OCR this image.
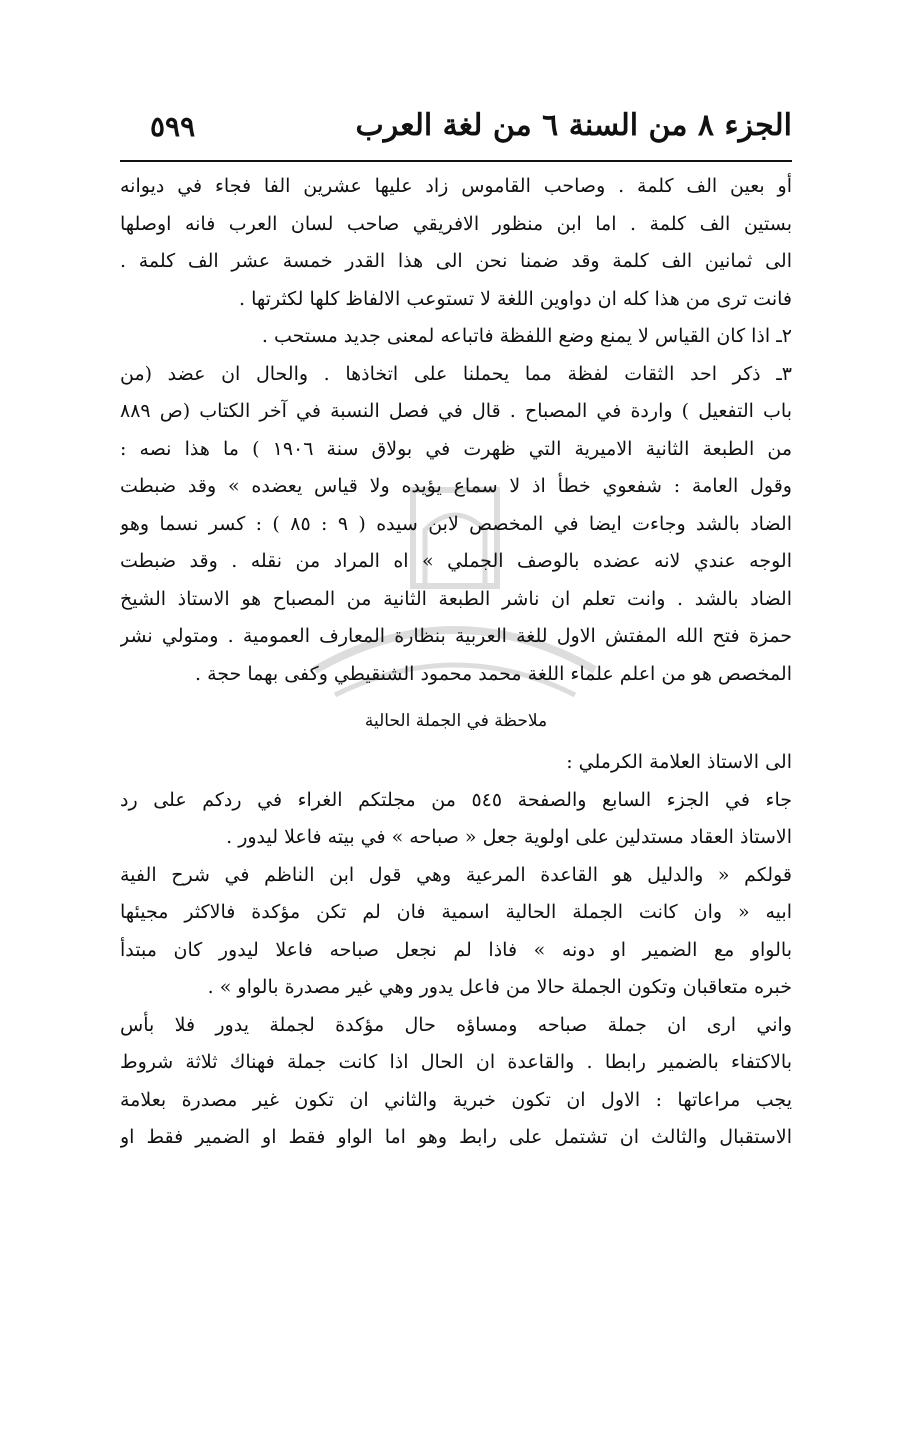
الجزء ٨ من السنة ٦ من لغة العرب
٥٩٩
أو بعين الف كلمة . وصاحب القاموس زاد عليها عشرين الفا فجاء في ديوانه
بستين الف كلمة . اما ابن منظور الافريقي صاحب لسان العرب فانه اوصلها
الى ثمانين الف كلمة وقد ضمنا نحن الى هذا القدر خمسة عشر الف كلمة .
فانت ترى من هذا كله ان دواوين اللغة لا تستوعب الالفاظ كلها لكثرتها .
٢ـ اذا كان القياس لا يمنع وضع اللفظة فاتباعه لمعنى جديد مستحب .
٣ـ ذكر احد الثقات لفظة مما يحملنا على اتخاذها . والحال ان عضد (من
باب التفعيل ) واردة في المصباح . قال في فصل النسبة في آخر الكتاب (ص ٨٨٩
من الطبعة الثانية الاميرية التي ظهرت في بولاق سنة ١٩٠٦ ) ما هذا نصه :
وقول العامة : شفعوي خطأ اذ لا سماع يؤيده ولا قياس يعضده » وقد ضبطت
الضاد بالشد وجاءت ايضا في المخصص لابن سيده ( ٩ : ٨٥ ) : كسر نسما وهو
الوجه عندي لانه عضده بالوصف الجملي » اه المراد من نقله . وقد ضبطت
الضاد بالشد . وانت تعلم ان ناشر الطبعة الثانية من المصباح هو الاستاذ الشيخ
حمزة فتح الله المفتش الاول للغة العربية بنظارة المعارف العمومية . ومتولي نشر
المخصص هو من اعلم علماء اللغة محمد محمود الشنقيطي وكفى بهما حجة .
ملاحظة في الجملة الحالية
الى الاستاذ العلامة الكرملي :
جاء في الجزء السابع والصفحة ٥٤٥ من مجلتكم الغراء في ردكم على رد
الاستاذ العقاد مستدلين على اولوية جعل « صباحه » في بيته فاعلا ليدور .
قولكم « والدليل هو القاعدة المرعية وهي قول ابن الناظم في شرح الفية
ابيه « وان كانت الجملة الحالية اسمية فان لم تكن مؤكدة فالاكثر مجيئها
بالواو مع الضمير او دونه » فاذا لم نجعل صباحه فاعلا ليدور كان مبتدأ
خبره متعاقبان وتكون الجملة حالا من فاعل يدور وهي غير مصدرة بالواو » .
واني ارى ان جملة صباحه ومساؤه حال مؤكدة لجملة يدور فلا بأس
بالاكتفاء بالضمير رابطا . والقاعدة ان الحال اذا كانت جملة فهناك ثلاثة شروط
يجب مراعاتها : الاول ان تكون خبرية والثاني ان تكون غير مصدرة بعلامة
الاستقبال والثالث ان تشتمل على رابط وهو اما الواو فقط او الضمير فقط او
